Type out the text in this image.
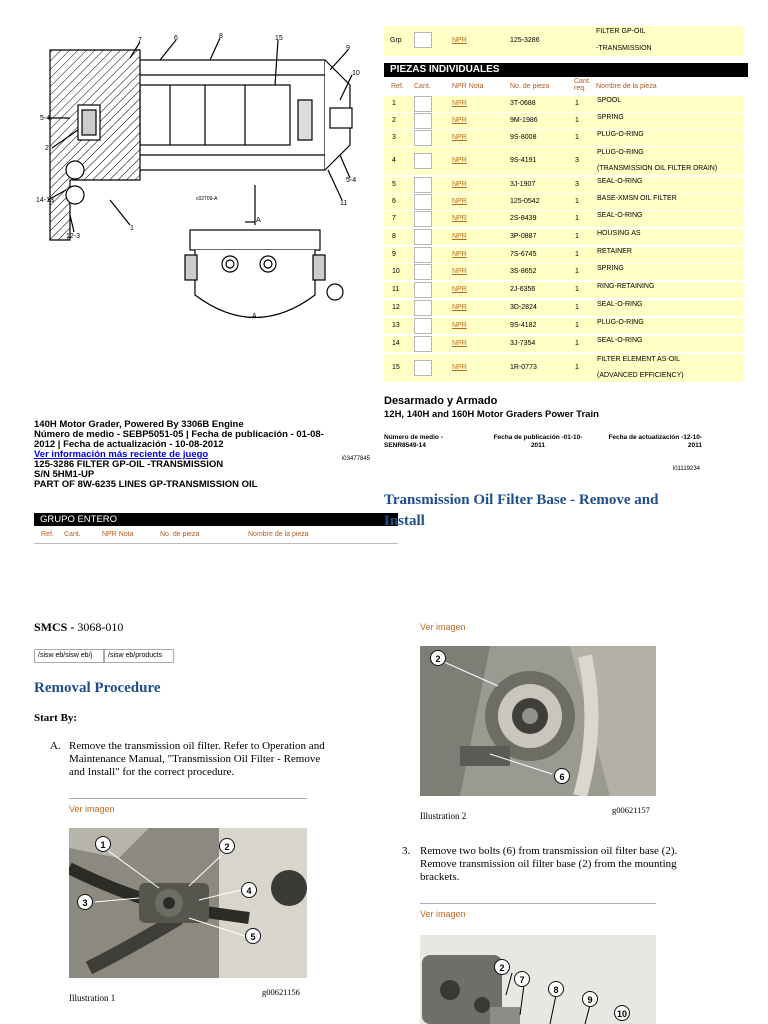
7	6	8	15
9
10
5-4
2
14-13
12-3
1
5-4
11
A
A
c02709-A
Grp	NPR	125-3286
FILTER GP-OIL
-TRANSMISSION
PIEZAS INDIVIDUALES
Ref. Cant.	NPR Nota	No. de pieza
Cant. req.	Nombre de la pieza
1	NPR	3T-0688	1	SPOOL
2	NPR	9M-1986	1	SPRING
3	NPR	9S-8008	1	PLUG-O-RING
4	NPR	9S-4191	3
PLUG-O-RING
(TRANSMISSION OIL FILTER DRAIN)
5	NPR	3J-1907	3	SEAL-O-RING
6	NPR	125-0542	1	BASE-XMSN OIL FILTER
7	NPR	2S-8439	1	SEAL-O-RING
8	NPR	3P-0887	1	HOUSING AS
9	NPR	7S-6745	1	RETAINER
10	NPR	3S-8652	1	SPRING
11	NPR	2J-6356	1	RING-RETAINING
12	NPR	3D-2824	1	SEAL-O-RING
13	NPR	9S-4182	1	PLUG-O-RING
14	NPR	3J-7354	1	SEAL-O-RING
15	NPR	1R-0773	1
FILTER ELEMENT AS-OIL
(ADVANCED EFFICIENCY)
140H Motor Grader, Powered By 3306B Engine
Número de medio - SEBP5051-05 | Fecha de publicación - 01-08-
2012 | Fecha de actualización - 10-08-2012
Ver información más reciente de juego
125-3286 FILTER GP-OIL -TRANSMISSION
S/N 5HM1-UP
PART OF 8W-6235 LINES GP-TRANSMISSION OIL
i03477845
GRUPO ENTERO
Ref. Cant.	NPR Nota	No. de pieza	Nombre de la pieza
Desarmado y Armado
12H, 140H and 160H Motor Graders Power Train
Número de medio -
SENR8549-14
Fecha de publicación -01-10-
2011
Fecha de actualización -12-10-
2011
i01119234
Transmission Oil Filter Base - Remove and Install
SMCS - 3068-010
/sisw eb/sisw eb/j	/sisw eb/products
Removal Procedure
Start By:
A. Remove the transmission oil filter. Refer to Operation and
Maintenance Manual, "Transmission Oil Filter - Remove
and Install" for the correct procedure.
Ver imagen
1	2
3
4
5
Illustration 1
g00621156
Ver imagen
2
6
Illustration 2
g00621157
3. Remove two bolts (6) from transmission oil filter base (2).
Remove transmission oil filter base (2) from the mounting
brackets.
Ver imagen
2
7
8
9
10
